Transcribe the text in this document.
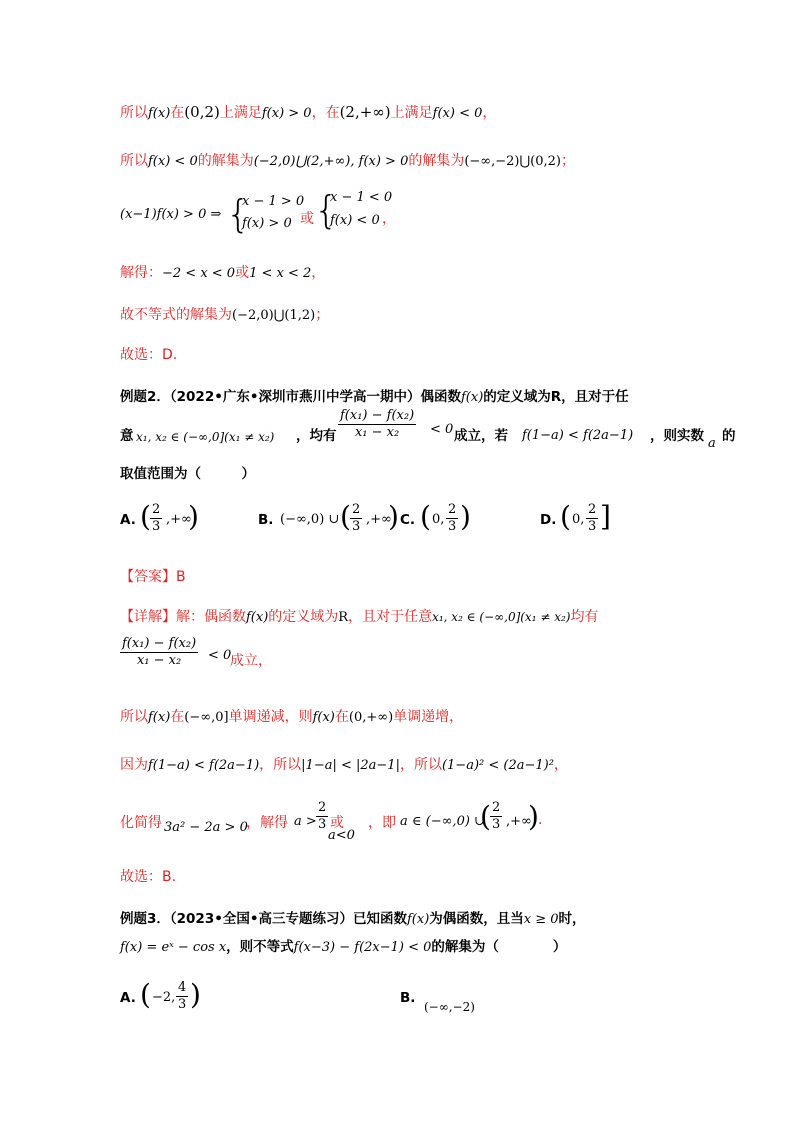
所以f(x)在(0,2)上满足f(x) > 0，在(2,+∞)上满足f(x) < 0，
所以f(x) < 0的解集为(−2,0)⋃(2,+∞), f(x) > 0的解集为(−∞,−2)⋃(0,2)；
(x−1)f(x) > 0 ⇒ {
x − 1 > 0
f(x) > 0 或 {
x − 1 < 0
f(x) < 0 ，
解得：−2 < x < 0或1 < x < 2，
故不等式的解集为(−2,0)⋃(1,2)；
故选：D.
例题2．（2022•广东•深圳市燕川中学高一期中）偶函数f(x)的定义域为R，且对于任
意 x₁, x₂ ∈ (−∞,0](x₁ ≠ x₂) ，均有 $\frac{\text{f(x₁) − f(x₂)}}{\text{x₁ − x₂}} < 0$ 成立，若 f(1−a) < f(2a−1) ，则实数 a 的
取值范围为（　　　）
A. ( $\frac{2}{3}$ ,+∞
)	B. (−∞,0) ∪ ( $\frac{2}{3}$ ,+∞
) C. ( 0, $\frac{2}{3}$ )	D. ( 0, $\frac{2}{3}$ ]
【答案】B
【详解】解：偶函数f(x)的定义域为R，且对于任意x₁, x₂ ∈ (−∞,0](x₁ ≠ x₂)均有
$\frac{\text{f(x₁) − f(x₂)}}{\text{x₁ − x₂}} < 0$
成立，
所以f(x)在(−∞,0]单调递减，则f(x)在(0,+∞)单调递增，
因为f(1−a) < f(2a−1)，所以|1−a| < |2a−1|，所以(1−a)² < (2a−1)²，
化简得 3a² − 2a > 0
，解得 $a > \frac{2}{3}$ 或
a<0
，即 a ∈ (−∞,0) ∪
( $\frac{2}{3}$ ,+∞
) .
故选：B.
例题3．（2023•全国•高三专题练习）已知函数f(x)为偶函数，且当x ≥ 0时，
f(x) = eˣ − cos x，则不等式f(x−3) − f(2x−1) < 0的解集为（　　　　）
A. ( −2, $\frac{4}{3}$ )	B.
(−∞,−2)
